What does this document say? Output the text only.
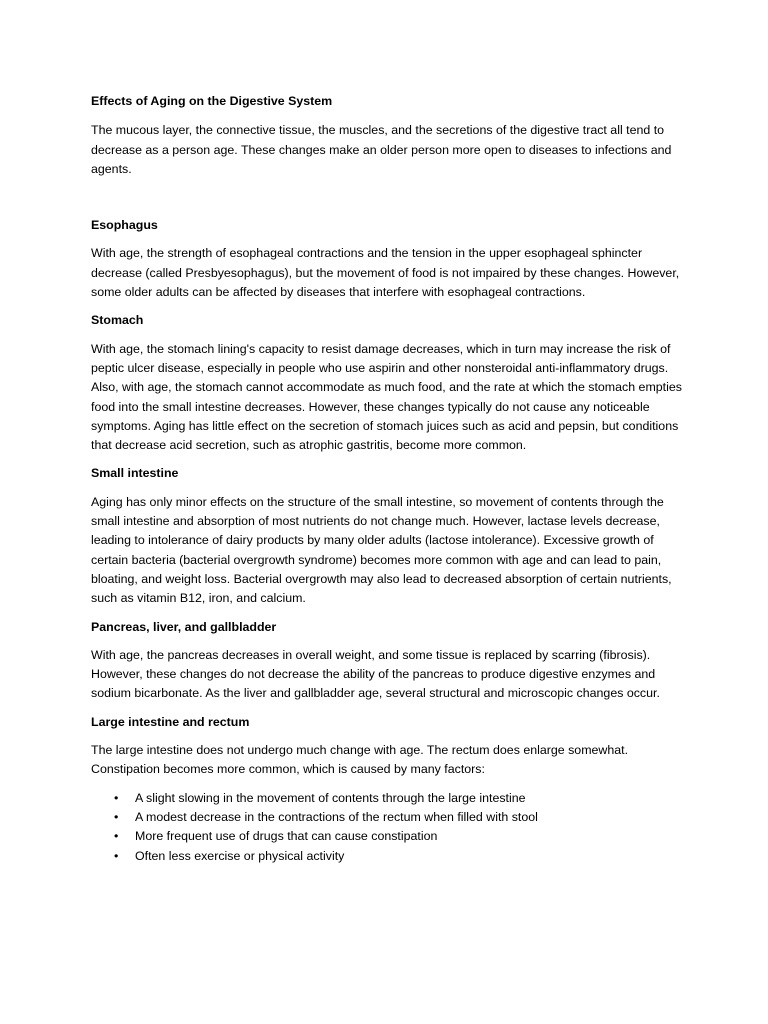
Effects of Aging on the Digestive System
The mucous layer, the connective tissue, the muscles, and the secretions of the digestive tract all tend to decrease as a person age. These changes make an older person more open to diseases to infections and agents.
Esophagus
With age, the strength of esophageal contractions and the tension in the upper esophageal sphincter decrease (called Presbyesophagus), but the movement of food is not impaired by these changes. However, some older adults can be affected by diseases that interfere with esophageal contractions.
Stomach
With age, the stomach lining's capacity to resist damage decreases, which in turn may increase the risk of peptic ulcer disease, especially in people who use aspirin and other nonsteroidal anti-inflammatory drugs. Also, with age, the stomach cannot accommodate as much food, and the rate at which the stomach empties food into the small intestine decreases. However, these changes typically do not cause any noticeable symptoms. Aging has little effect on the secretion of stomach juices such as acid and pepsin, but conditions that decrease acid secretion, such as atrophic gastritis, become more common.
Small intestine
Aging has only minor effects on the structure of the small intestine, so movement of contents through the small intestine and absorption of most nutrients do not change much. However, lactase levels decrease, leading to intolerance of dairy products by many older adults (lactose intolerance). Excessive growth of certain bacteria (bacterial overgrowth syndrome) becomes more common with age and can lead to pain, bloating, and weight loss. Bacterial overgrowth may also lead to decreased absorption of certain nutrients, such as vitamin B12, iron, and calcium.
Pancreas, liver, and gallbladder
With age, the pancreas decreases in overall weight, and some tissue is replaced by scarring (fibrosis). However, these changes do not decrease the ability of the pancreas to produce digestive enzymes and sodium bicarbonate. As the liver and gallbladder age, several structural and microscopic changes occur.
Large intestine and rectum
The large intestine does not undergo much change with age. The rectum does enlarge somewhat. Constipation becomes more common, which is caused by many factors:
• A slight slowing in the movement of contents through the large intestine
• A modest decrease in the contractions of the rectum when filled with stool
• More frequent use of drugs that can cause constipation
• Often less exercise or physical activity
